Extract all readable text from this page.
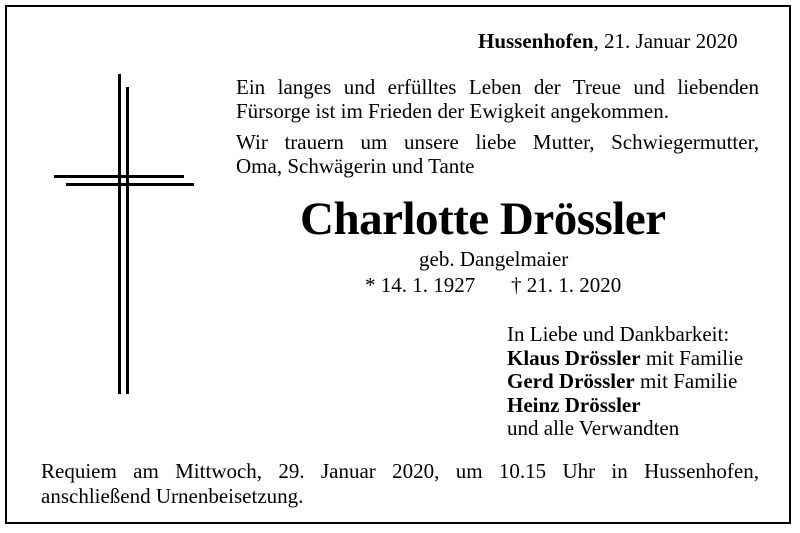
Hussenhofen, 21. Januar 2020
Ein langes und erfülltes Leben der Treue und liebenden
Fürsorge ist im Frieden der Ewigkeit angekommen.
Wir trauern um unsere liebe Mutter, Schwiegermutter,
Oma, Schwägerin und Tante
Charlotte Drössler
geb. Dangelmaier
* 14. 1. 1927 † 21. 1. 2020
In Liebe und Dankbarkeit:
Klaus Drössler mit Familie
Gerd Drössler mit Familie
Heinz Drössler
und alle Verwandten
Requiem am Mittwoch, 29. Januar 2020, um 10.15 Uhr in Hussenhofen,
anschließend Urnenbeisetzung.
